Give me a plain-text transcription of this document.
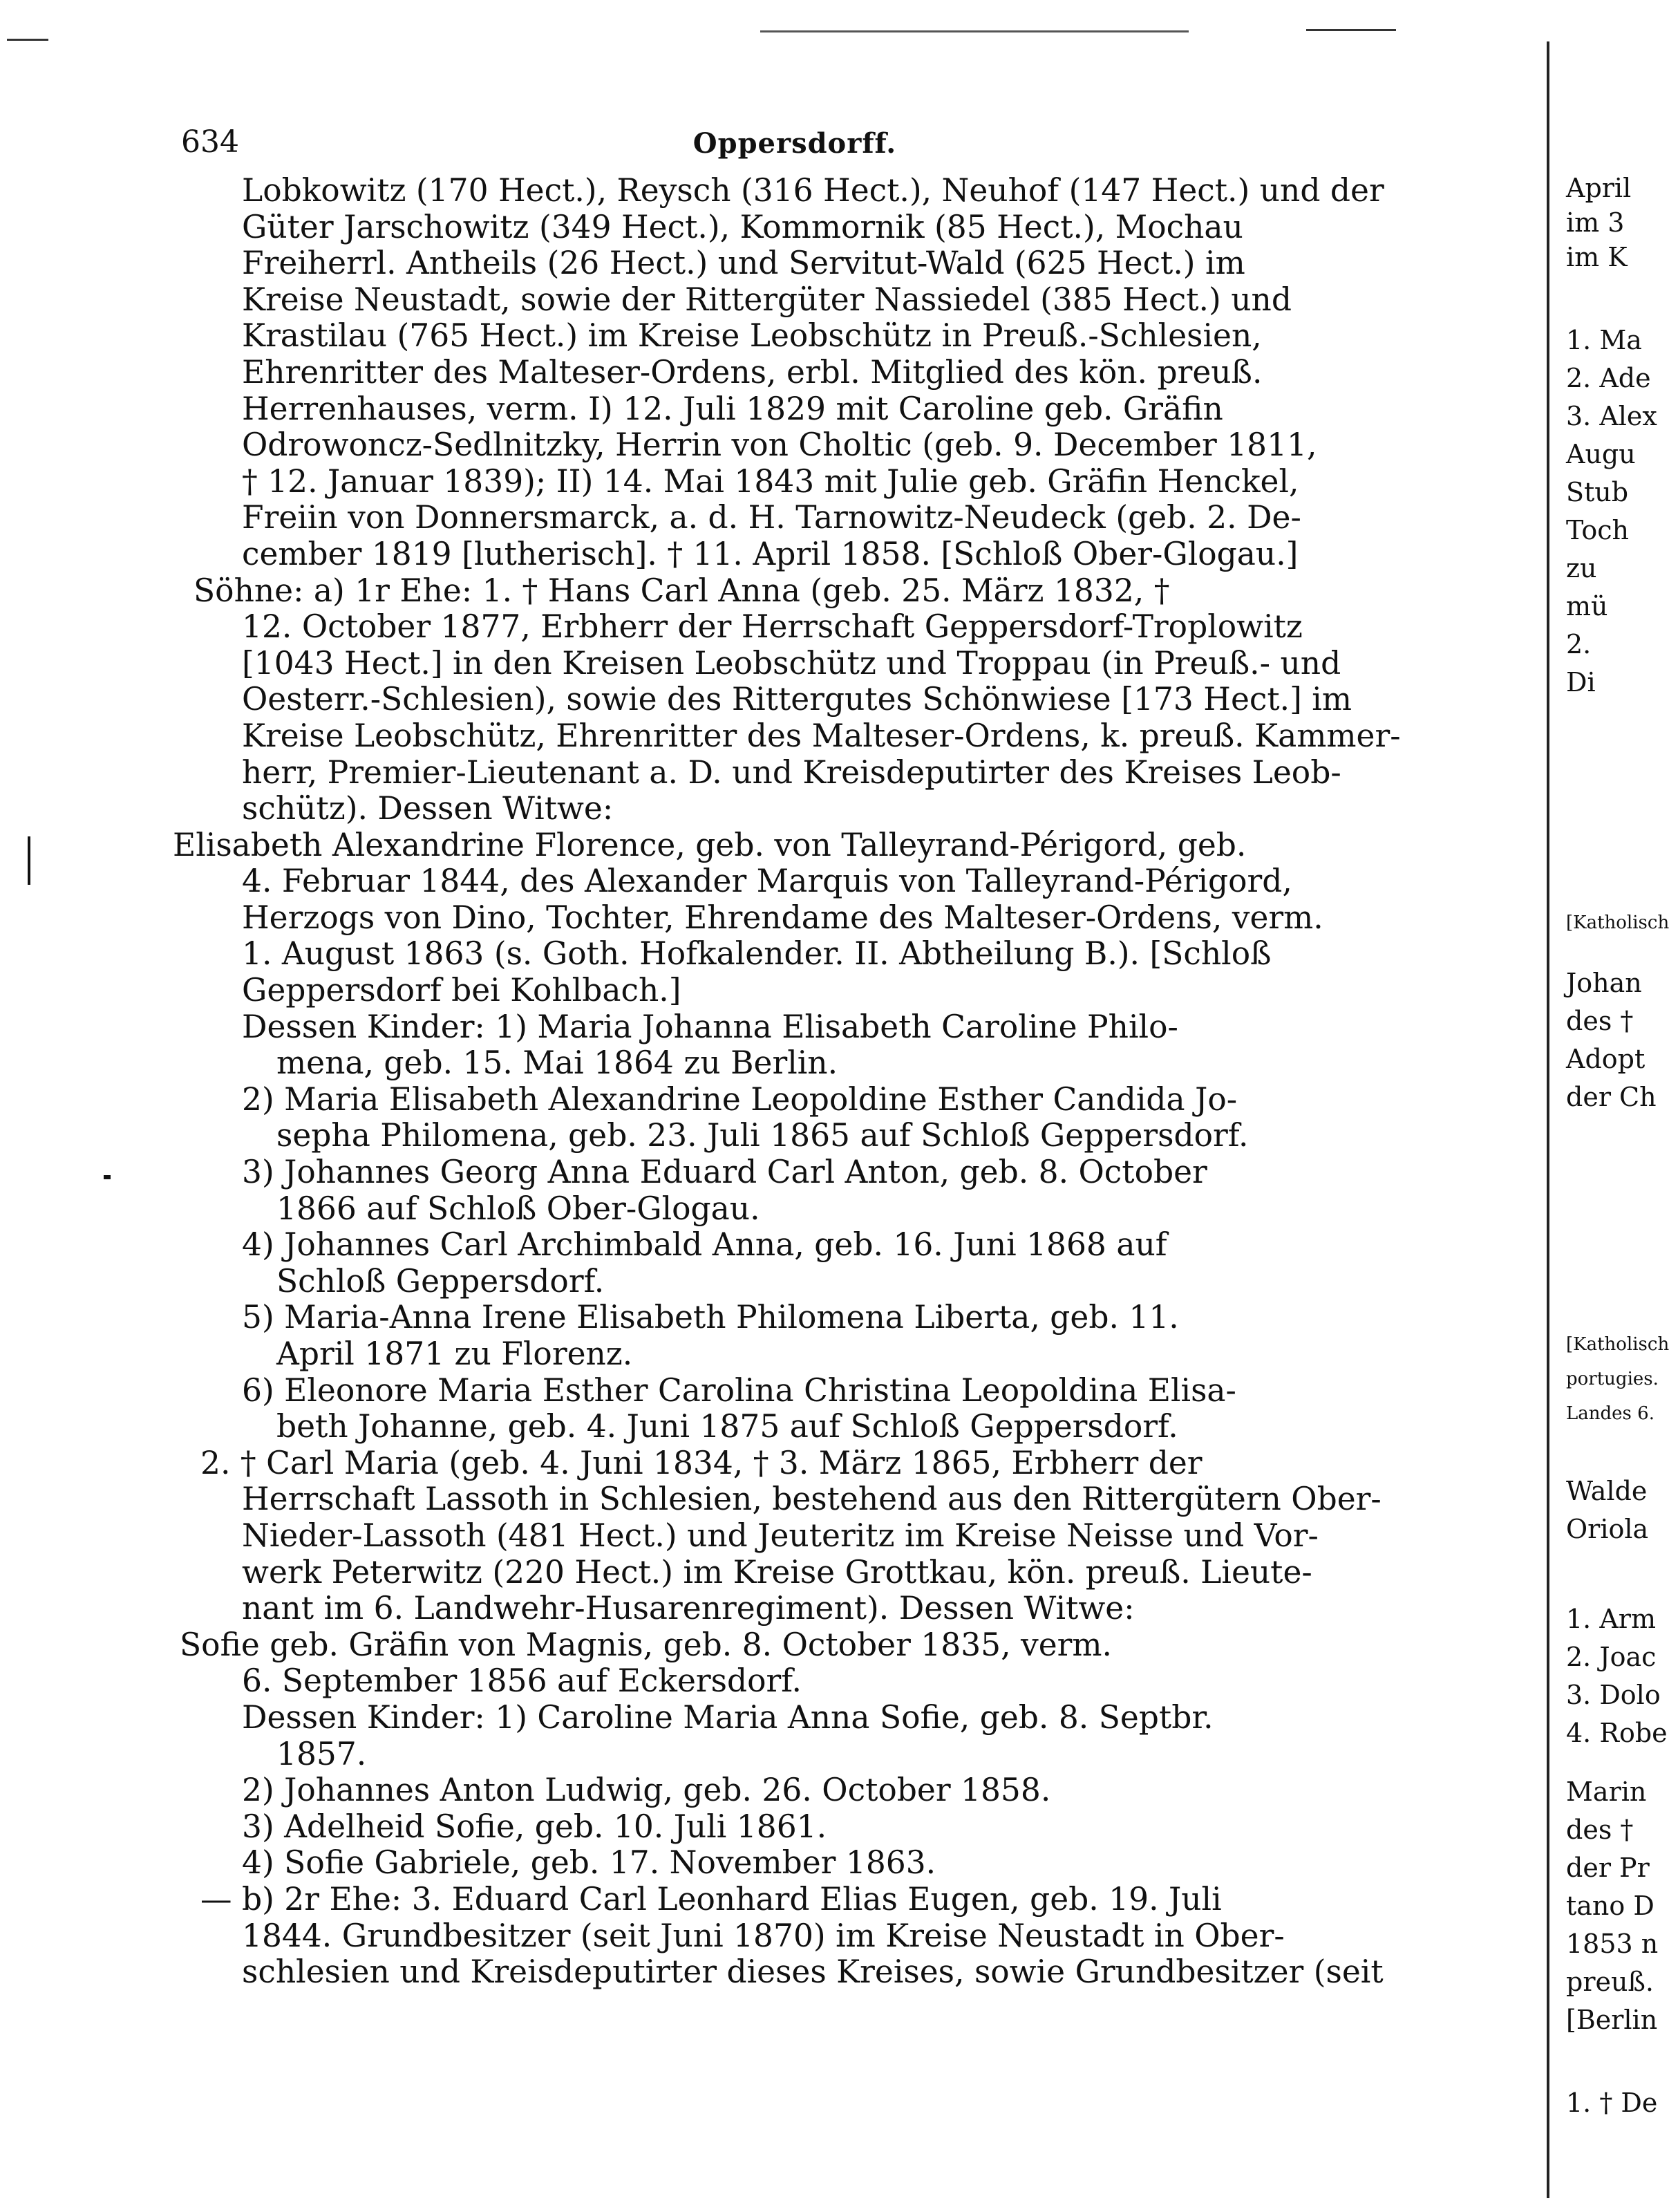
634	Oppersdorff.
Lobkowitz (170 Hect.), Reysch (316 Hect.), Neuhof (147 Hect.) und der
Güter Jarschowitz (349 Hect.), Kommornik (85 Hect.), Mochau
Freiherrl. Antheils (26 Hect.) und Servitut-Wald (625 Hect.) im
Kreise Neustadt, sowie der Rittergüter Nassiedel (385 Hect.) und
Krastilau (765 Hect.) im Kreise Leobschütz in Preuß.-Schlesien,
Ehrenritter des Malteser-Ordens, erbl. Mitglied des kön. preuß.
Herrenhauses, verm. I) 12. Juli 1829 mit Caroline geb. Gräfin
Odrowoncz-Sedlnitzky, Herrin von Choltic (geb. 9. December 1811,
† 12. Januar 1839); II) 14. Mai 1843 mit Julie geb. Gräfin Henckel,
Freiin von Donnersmarck, a. d. H. Tarnowitz-Neudeck (geb. 2. De-
cember 1819 [lutherisch]. † 11. April 1858. [Schloß Ober-Glogau.]
Söhne: a) 1r Ehe: 1. † Hans Carl Anna (geb. 25. März 1832, †
12. October 1877, Erbherr der Herrschaft Geppersdorf-Troplowitz
[1043 Hect.] in den Kreisen Leobschütz und Troppau (in Preuß.- und
Oesterr.-Schlesien), sowie des Rittergutes Schönwiese [173 Hect.] im
Kreise Leobschütz, Ehrenritter des Malteser-Ordens, k. preuß. Kammer-
herr, Premier-Lieutenant a. D. und Kreisdeputirter des Kreises Leob-
schütz). Dessen Witwe:
Elisabeth Alexandrine Florence, geb. von Talleyrand-Périgord, geb.
4. Februar 1844, des Alexander Marquis von Talleyrand-Périgord,
Herzogs von Dino, Tochter, Ehrendame des Malteser-Ordens, verm.
1. August 1863 (s. Goth. Hofkalender. II. Abtheilung B.). [Schloß
Geppersdorf bei Kohlbach.]
Dessen Kinder: 1) Maria Johanna Elisabeth Caroline Philo-
mena, geb. 15. Mai 1864 zu Berlin.
2) Maria Elisabeth Alexandrine Leopoldine Esther Candida Jo-
sepha Philomena, geb. 23. Juli 1865 auf Schloß Geppersdorf.
3) Johannes Georg Anna Eduard Carl Anton, geb. 8. October
1866 auf Schloß Ober-Glogau.
4) Johannes Carl Archimbald Anna, geb. 16. Juni 1868 auf
Schloß Geppersdorf.
5) Maria-Anna Irene Elisabeth Philomena Liberta, geb. 11.
April 1871 zu Florenz.
6) Eleonore Maria Esther Carolina Christina Leopoldina Elisa-
beth Johanne, geb. 4. Juni 1875 auf Schloß Geppersdorf.
2. † Carl Maria (geb. 4. Juni 1834, † 3. März 1865, Erbherr der
Herrschaft Lassoth in Schlesien, bestehend aus den Rittergütern Ober-
Nieder-Lassoth (481 Hect.) und Jeuteritz im Kreise Neisse und Vor-
werk Peterwitz (220 Hect.) im Kreise Grottkau, kön. preuß. Lieute-
nant im 6. Landwehr-Husarenregiment). Dessen Witwe:
Sofie geb. Gräfin von Magnis, geb. 8. October 1835, verm.
6. September 1856 auf Eckersdorf.
Dessen Kinder: 1) Caroline Maria Anna Sofie, geb. 8. Septbr.
1857.
2) Johannes Anton Ludwig, geb. 26. October 1858.
3) Adelheid Sofie, geb. 10. Juli 1861.
4) Sofie Gabriele, geb. 17. November 1863.
— b) 2r Ehe: 3. Eduard Carl Leonhard Elias Eugen, geb. 19. Juli
1844. Grundbesitzer (seit Juni 1870) im Kreise Neustadt in Ober-
schlesien und Kreisdeputirter dieses Kreises, sowie Grundbesitzer (seit
April
im 3
im K
1. Ma
2. Ade
3. Alex
Augu
Stub
Toch
zu
mü
2.
Di
[Katholisch
Johan
des †
Adopt
der Ch
[Katholisch
portugies.
Landes 6.
Walde
Oriola
1. Arm
2. Joac
3. Dolo
4. Robe
Marin
des †
der Pr
tano D
1853 n
preuß.
[Berlin
1. † De
